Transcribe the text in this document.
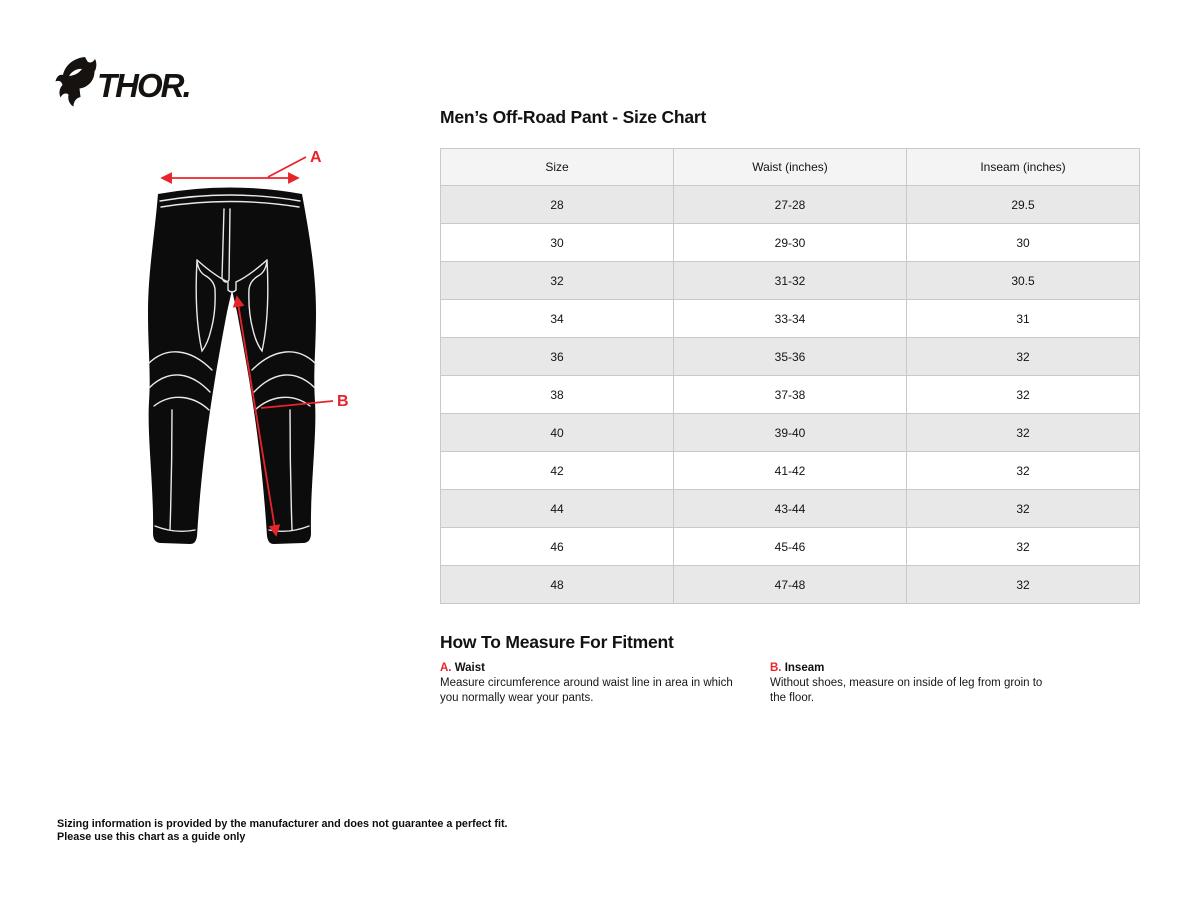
THOR.
A
B
Men’s Off-Road Pant - Size Chart
Size	Waist (inches)	Inseam (inches)
28	27-28	29.5
30	29-30	30
32	31-32	30.5
34	33-34	31
36	35-36	32
38	37-38	32
40	39-40	32
42	41-42	32
44	43-44	32
46	45-46	32
48	47-48	32
How To Measure For Fitment
A. Waist

Measure circumference around waist line in area in which you normally wear your pants.

B. Inseam

Without shoes, measure on inside of leg from groin to the floor.

Sizing information is provided by the manufacturer and does not guarantee a perfect fit.
Please use this chart as a guide only
